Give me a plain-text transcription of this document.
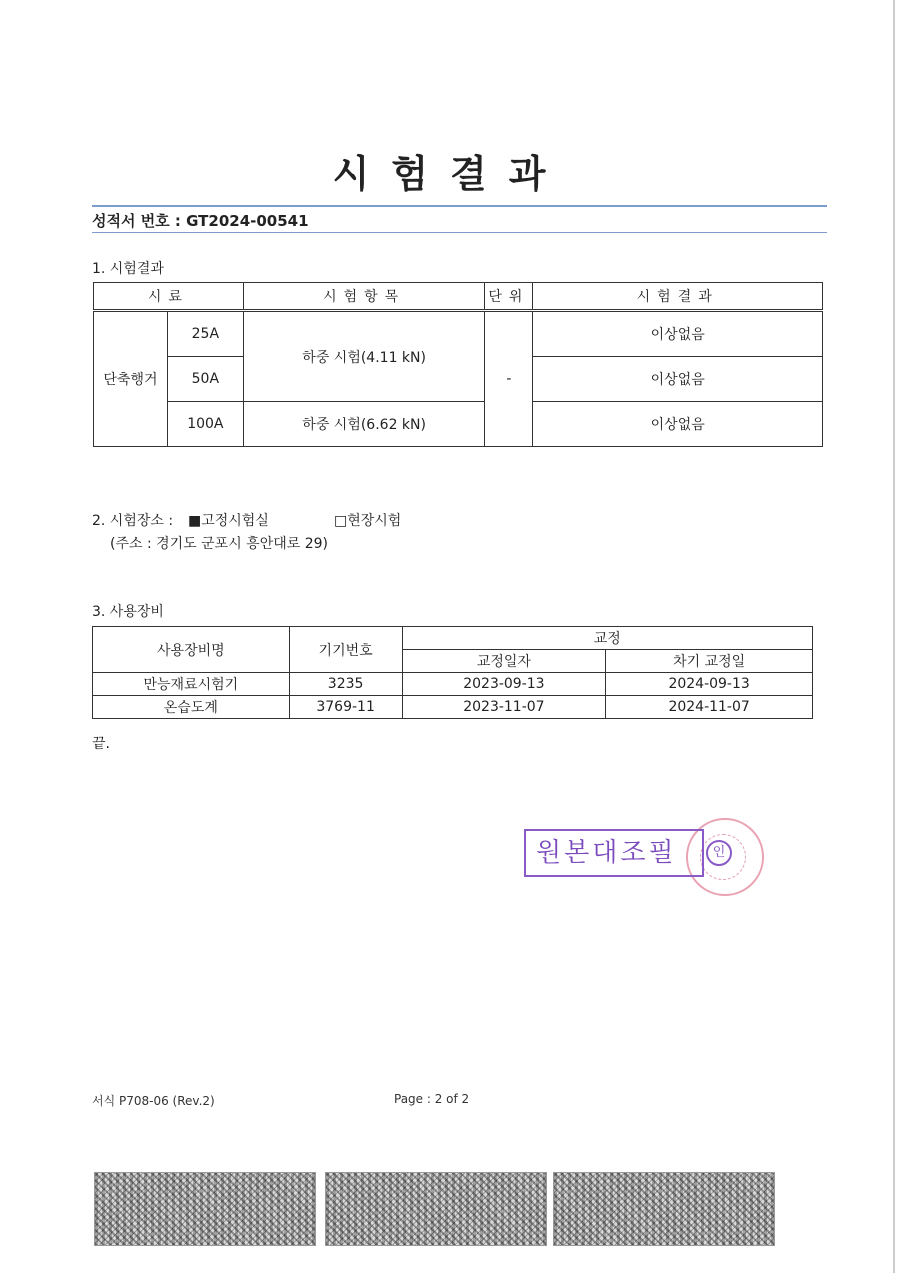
시험결과
성적서 번호 : GT2024-00541
1. 시험결과
시료		시험항목	단위	시험결과
단축행거	25A	하중 시험(4.11 kN)	-	이상없음
	50A			이상없음
	100A	하중 시험(6.62 kN)		이상없음
2. 시험장소 : ■고정시험실	□현장시험
(주소 : 경기도 군포시 흥안대로 29)
3. 사용장비
사용장비명	기기번호	교정	
		교정일자	차기 교정일
만능재료시험기	3235	2023-09-13	2024-09-13
온습도계	3769-11	2023-11-07	2024-11-07
끝.
원본대조필	인
서식 P708-06 (Rev.2)	Page : 2 of 2
